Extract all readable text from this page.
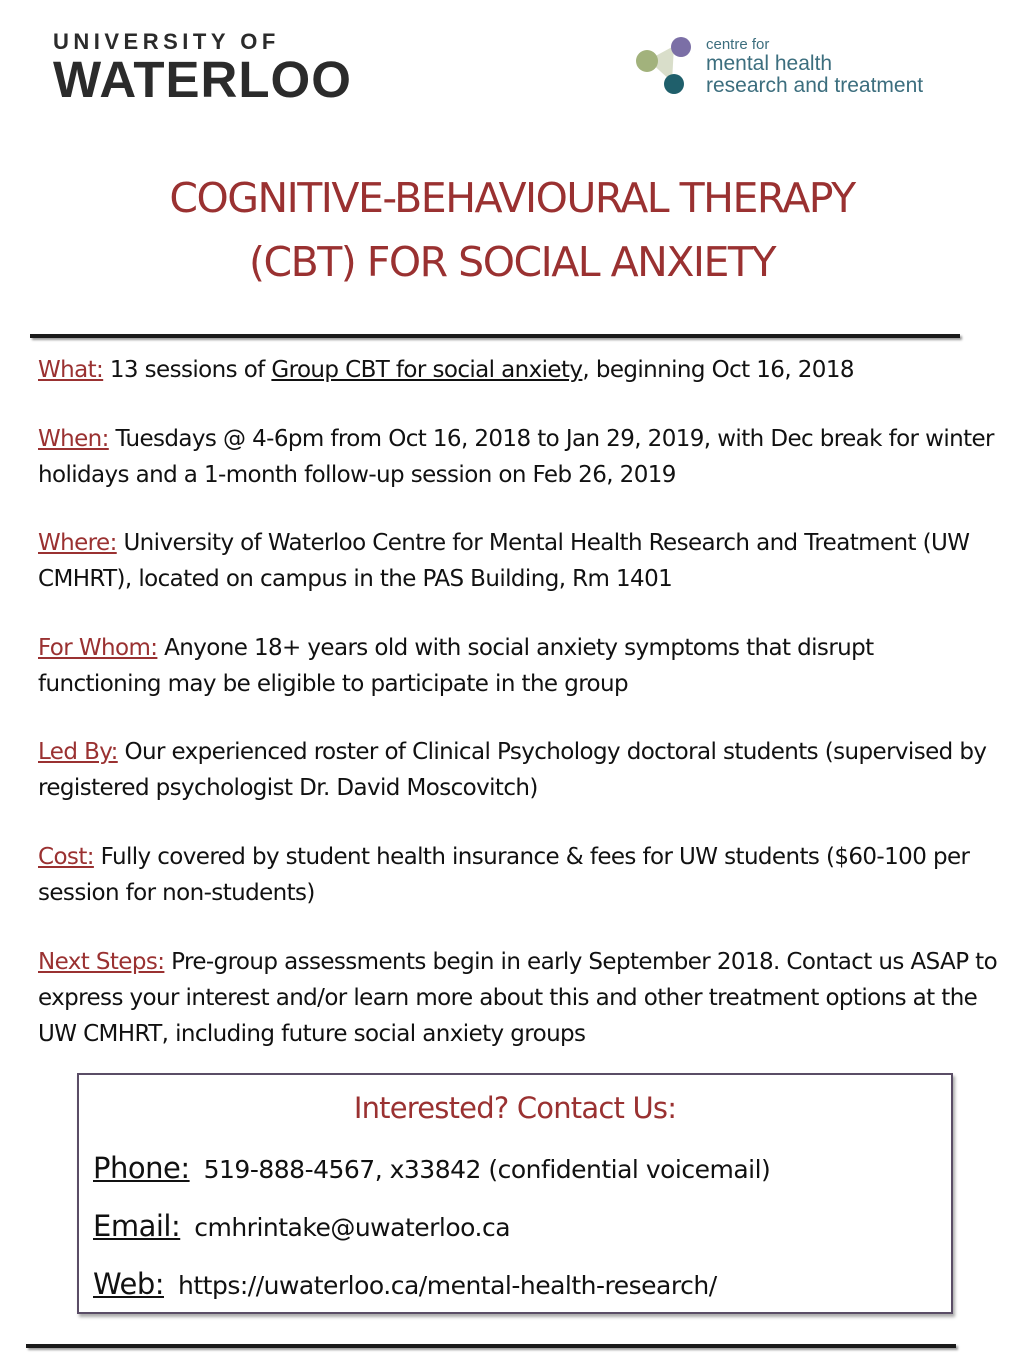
UNIVERSITY OF
WATERLOO
centre for
mental health
research and treatment
COGNITIVE-BEHAVIOURAL THERAPY
(CBT) FOR SOCIAL ANXIETY
What: 13 sessions of Group CBT for social anxiety, beginning Oct 16, 2018
When: Tuesdays @ 4-6pm from Oct 16, 2018 to Jan 29, 2019, with Dec break for winter holidays and a 1-month follow-up session on Feb 26, 2019
Where: University of Waterloo Centre for Mental Health Research and Treatment (UW CMHRT), located on campus in the PAS Building, Rm 1401
For Whom: Anyone 18+ years old with social anxiety symptoms that disrupt functioning may be eligible to participate in the group
Led By: Our experienced roster of Clinical Psychology doctoral students (supervised by registered psychologist Dr. David Moscovitch)
Cost: Fully covered by student health insurance & fees for UW students ($60-100 per session for non-students)
Next Steps: Pre-group assessments begin in early September 2018. Contact us ASAP to express your interest and/or learn more about this and other treatment options at the UW CMHRT, including future social anxiety groups
Interested? Contact Us:
Phone: 519-888-4567, x33842 (confidential voicemail)
Email: cmhrintake@uwaterloo.ca
Web: https://uwaterloo.ca/mental-health-research/
